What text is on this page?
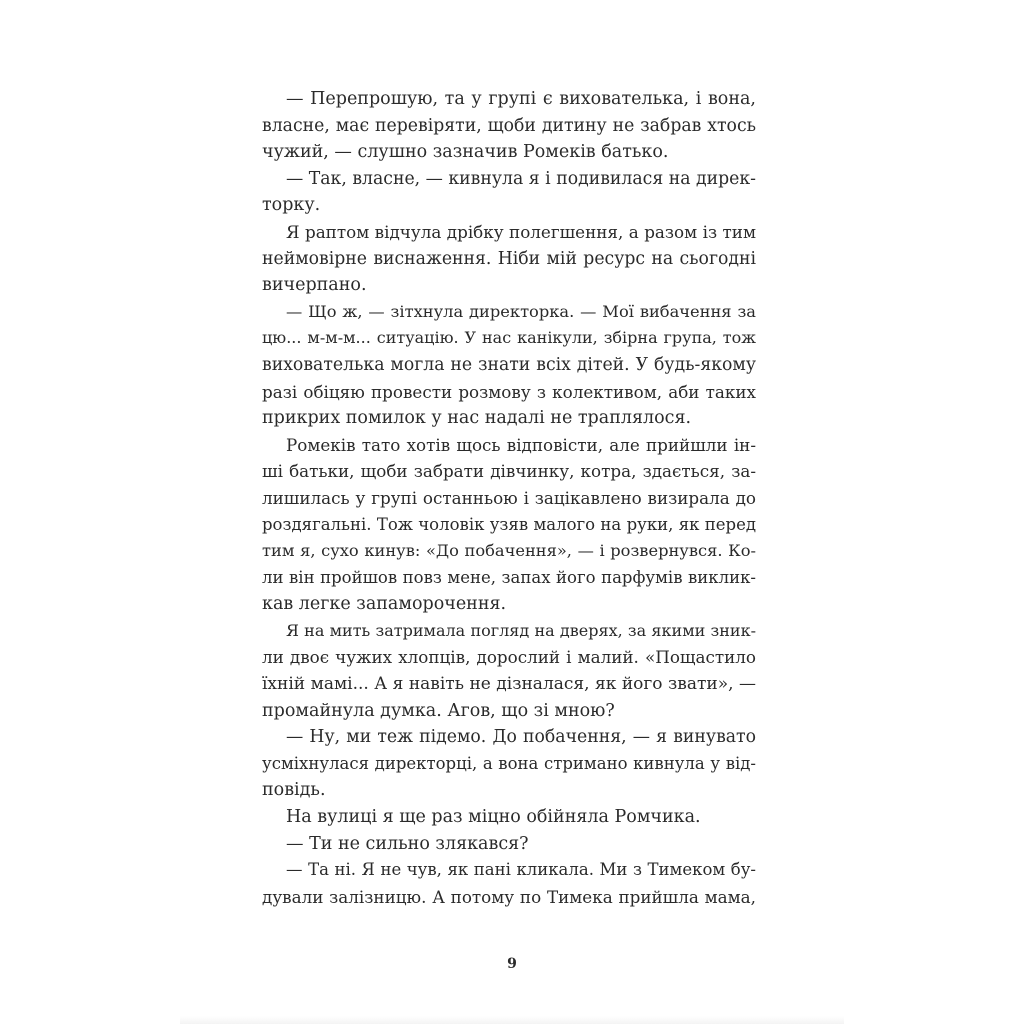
— Перепрошую, та у групі є вихователька, і вона,
власне, має перевіряти, щоби дитину не забрав хтось
чужий, — слушно зазначив Ромеків батько.
— Так, власне, — кивнула я і подивилася на дирек-
торку.
Я раптом відчула дрібку полегшення, а разом із тим
неймовірне виснаження. Ніби мій ресурс на сьогодні
вичерпано.
— Що ж, — зітхнула директорка. — Мої вибачення за
цю... м-м-м... ситуацію. У нас канікули, збірна група, тож
вихователька могла не знати всіх дітей. У будь-якому
разі обіцяю провести розмову з колективом, аби таких
прикрих помилок у нас надалі не траплялося.
Ромеків тато хотів щось відповісти, але прийшли ін-
ші батьки, щоби забрати дівчинку, котра, здається, за-
лишилась у групі останньою і зацікавлено визирала до
роздягальні. Тож чоловік узяв малого на руки, як перед
тим я, сухо кинув: «До побачення», — і розвернувся. Ко-
ли він пройшов повз мене, запах його парфумів виклик-
кав легке запаморочення.
Я на мить затримала погляд на дверях, за якими зник-
ли двоє чужих хлопців, дорослий і малий. «Пощастило
їхній мамі... А я навіть не дізналася, як його звати», —
промайнула думка. Агов, що зі мною?
— Ну, ми теж підемо. До побачення, — я винувато
усміхнулася директорці, а вона стримано кивнула у від-
повідь.
На вулиці я ще раз міцно обійняла Ромчика.
— Ти не сильно злякався?
— Та ні. Я не чув, як пані кликала. Ми з Тимеком бу-
дували залізницю. А потому по Тимека прийшла мама,
9
